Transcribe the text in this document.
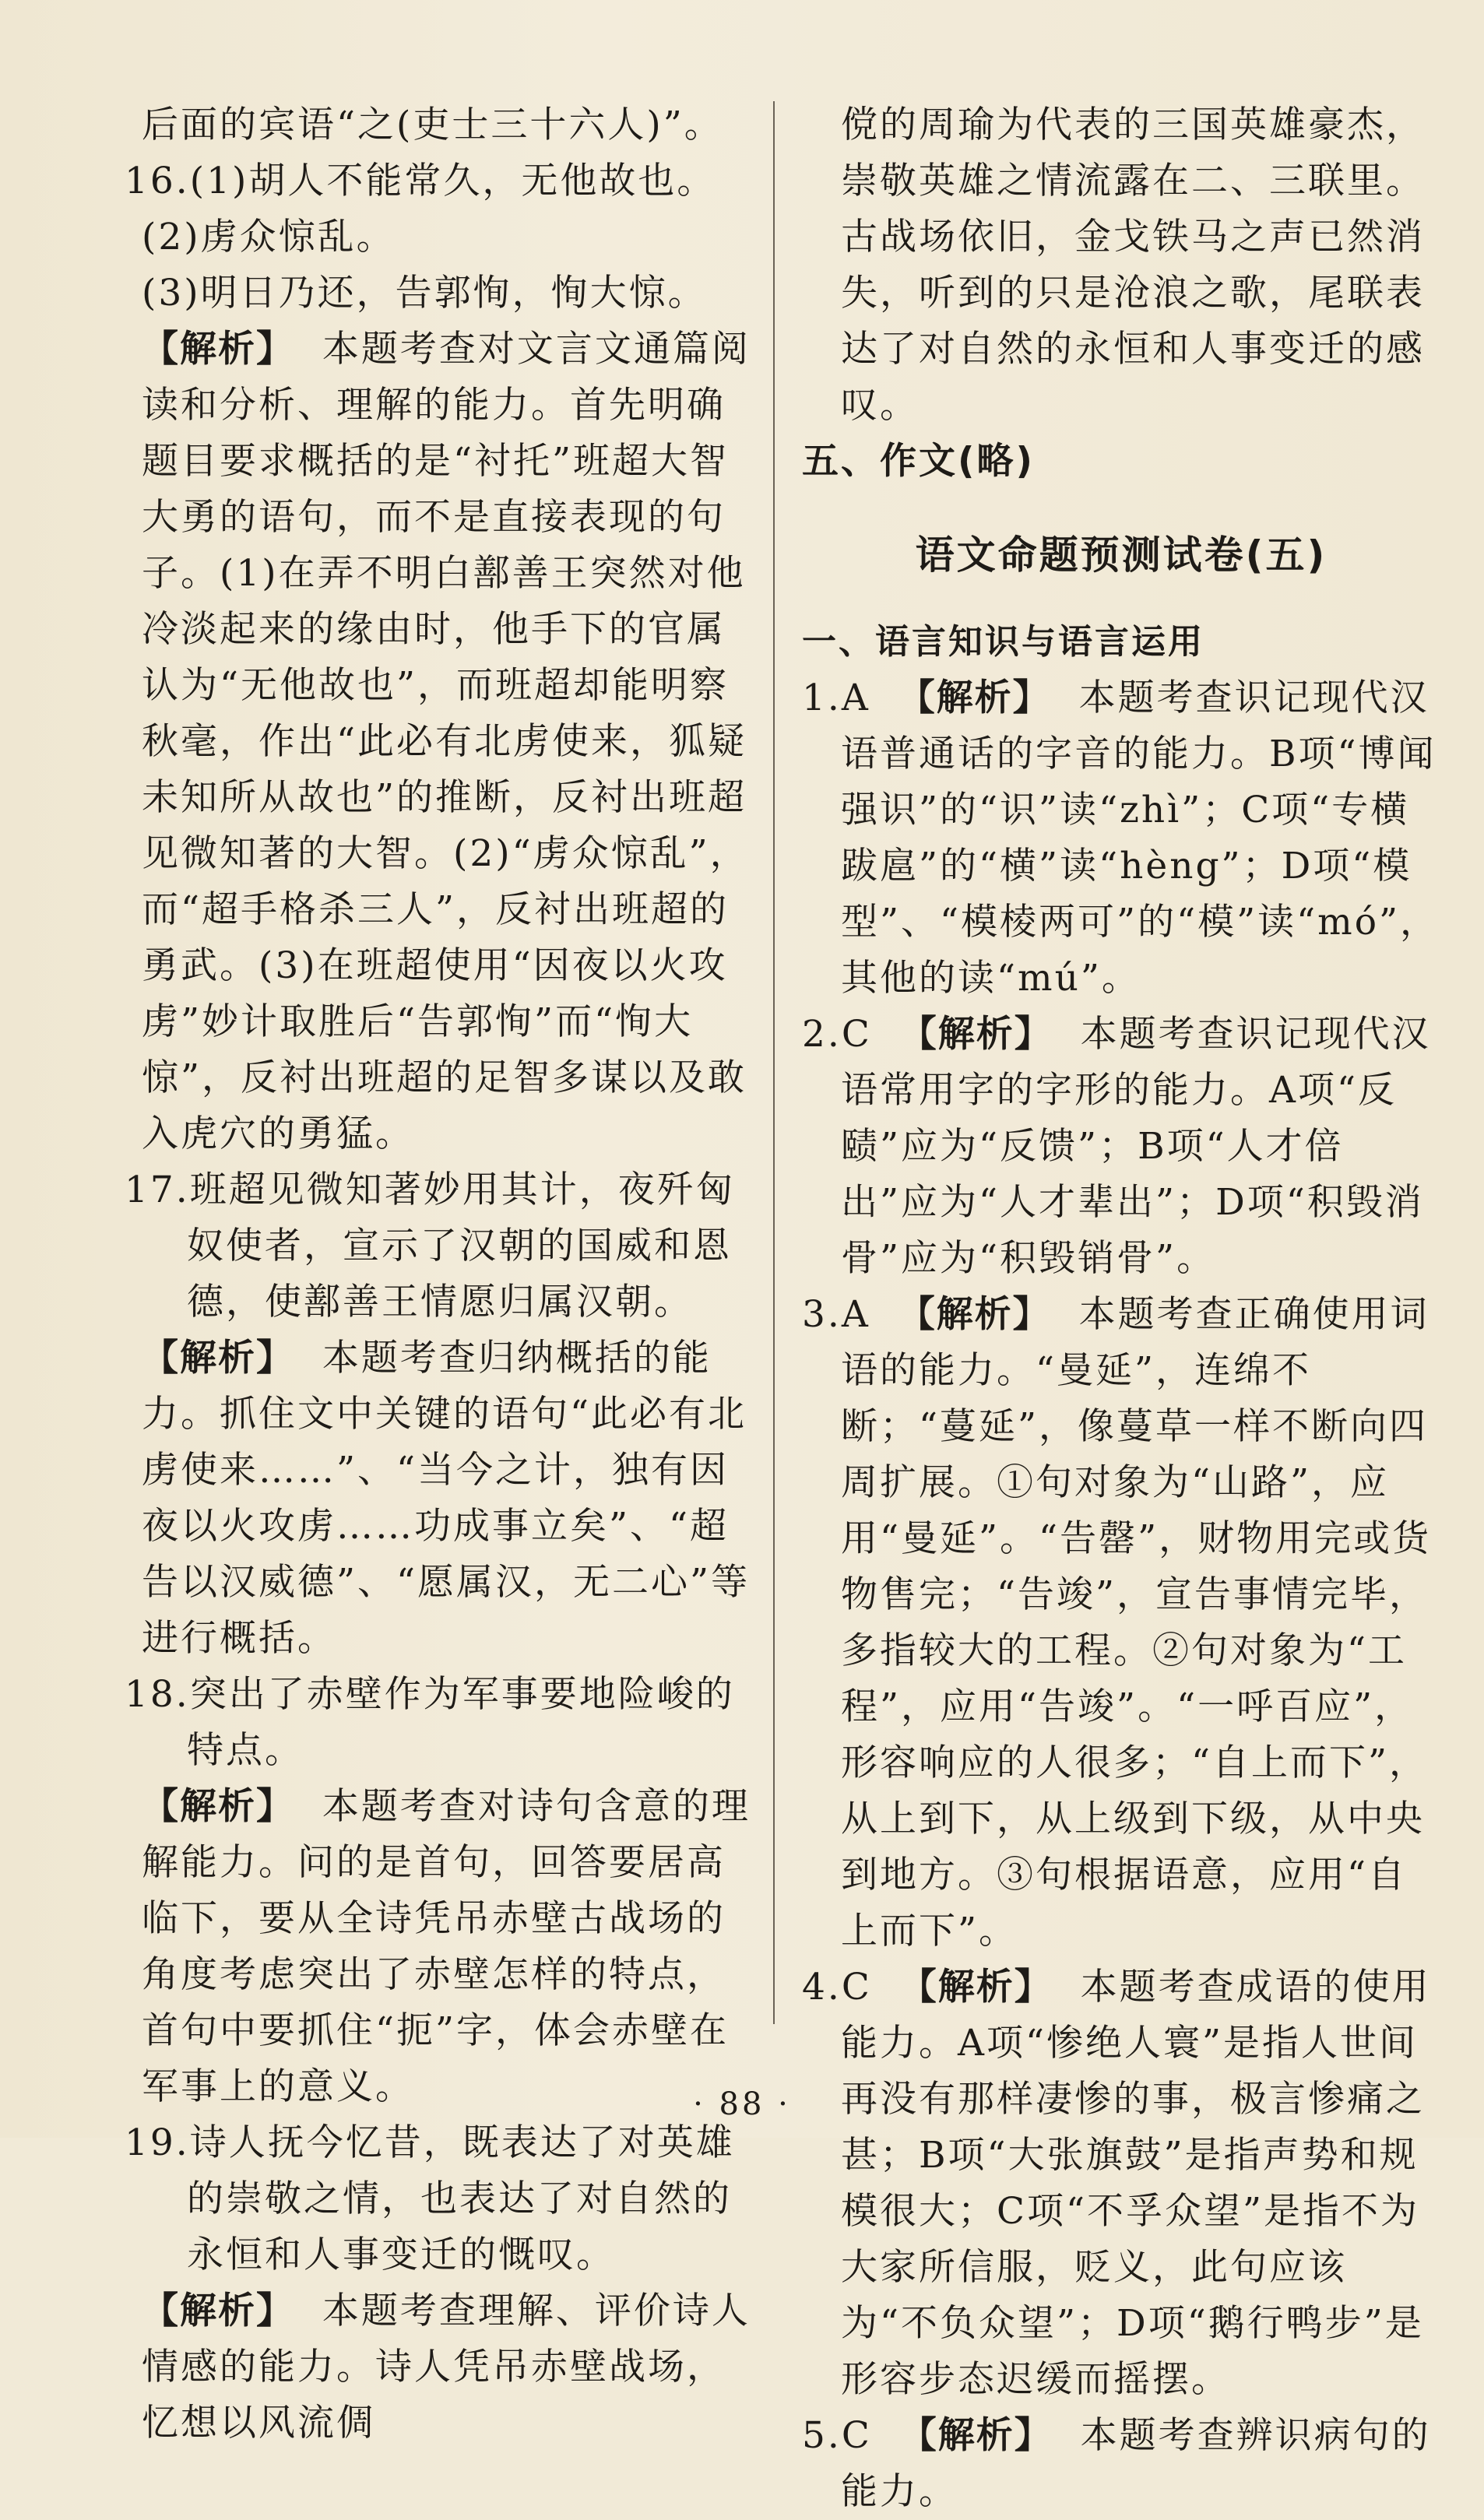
后面的宾语“之(吏士三十六人)”。

16.(1)胡人不能常久，无他故也。

(2)虏众惊乱。

(3)明日乃还，告郭恂，恂大惊。

【解析】 本题考查对文言文通篇阅读和分析、理解的能力。首先明确题目要求概括的是“衬托”班超大智大勇的语句，而不是直接表现的句子。(1)在弄不明白鄯善王突然对他冷淡起来的缘由时，他手下的官属认为“无他故也”，而班超却能明察秋毫，作出“此必有北虏使来，狐疑未知所从故也”的推断，反衬出班超见微知著的大智。(2)“虏众惊乱”，而“超手格杀三人”，反衬出班超的勇武。(3)在班超使用“因夜以火攻虏”妙计取胜后“告郭恂”而“恂大惊”，反衬出班超的足智多谋以及敢入虎穴的勇猛。

17.班超见微知著妙用其计，夜歼匈奴使者，宣示了汉朝的国威和恩德，使鄯善王情愿归属汉朝。

【解析】 本题考查归纳概括的能力。抓住文中关键的语句“此必有北虏使来……”、“当今之计，独有因夜以火攻虏……功成事立矣”、“超告以汉威德”、“愿属汉，无二心”等进行概括。

18.突出了赤壁作为军事要地险峻的特点。

【解析】 本题考查对诗句含意的理解能力。问的是首句，回答要居高临下，要从全诗凭吊赤壁古战场的角度考虑突出了赤壁怎样的特点，首句中要抓住“扼”字，体会赤壁在军事上的意义。

19.诗人抚今忆昔，既表达了对英雄的崇敬之情，也表达了对自然的永恒和人事变迁的慨叹。

【解析】 本题考查理解、评价诗人情感的能力。诗人凭吊赤壁战场，忆想以风流倜

傥的周瑜为代表的三国英雄豪杰，崇敬英雄之情流露在二、三联里。古战场依旧，金戈铁马之声已然消失，听到的只是沧浪之歌，尾联表达了对自然的永恒和人事变迁的感叹。

五、作文(略)

语文命题预测试卷(五)

一、语言知识与语言运用

1.A 【解析】 本题考查识记现代汉语普通话的字音的能力。B项“博闻强识”的“识”读“zhì”；C项“专横跋扈”的“横”读“hèng”；D项“模型”、“模棱两可”的“模”读“mó”，其他的读“mú”。

2.C 【解析】 本题考查识记现代汉语常用字的字形的能力。A项“反赜”应为“反馈”；B项“人才倍出”应为“人才辈出”；D项“积毁消骨”应为“积毁销骨”。

3.A 【解析】 本题考查正确使用词语的能力。“曼延”，连绵不断；“蔓延”，像蔓草一样不断向四周扩展。①句对象为“山路”，应用“曼延”。“告罄”，财物用完或货物售完；“告竣”，宣告事情完毕，多指较大的工程。②句对象为“工程”，应用“告竣”。“一呼百应”，形容响应的人很多；“自上而下”，从上到下，从上级到下级，从中央到地方。③句根据语意，应用“自上而下”。

4.C 【解析】 本题考查成语的使用能力。A项“惨绝人寰”是指人世间再没有那样凄惨的事，极言惨痛之甚；B项“大张旗鼓”是指声势和规模很大；C项“不孚众望”是指不为大家所信服，贬义，此句应该为“不负众望”；D项“鹅行鸭步”是形容步态迟缓而摇摆。

5.C 【解析】 本题考查辨识病句的能力。

· 88 ·
